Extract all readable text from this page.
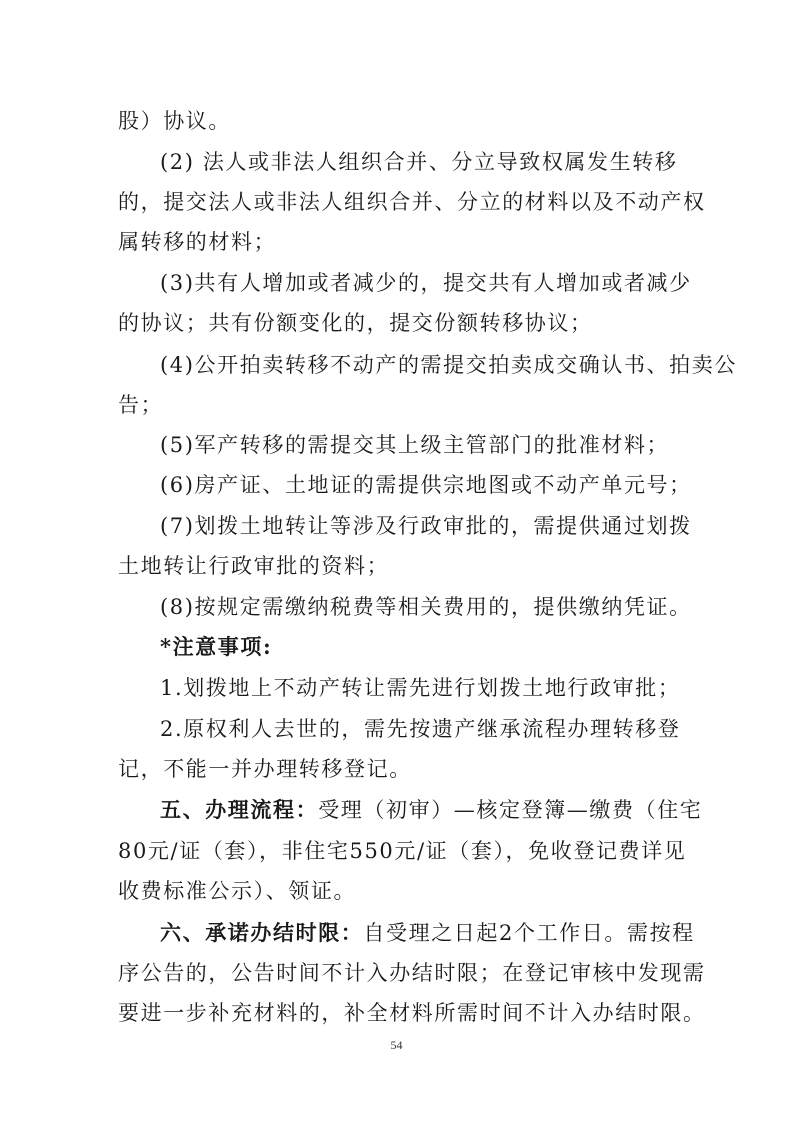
股）协议。
(2) 法人或非法人组织合并、分立导致权属发生转移
的，提交法人或非法人组织合并、分立的材料以及不动产权
属转移的材料；
(3)共有人增加或者减少的，提交共有人增加或者减少
的协议；共有份额变化的，提交份额转移协议；
(4)公开拍卖转移不动产的需提交拍卖成交确认书、拍卖公
告；
(5)军产转移的需提交其上级主管部门的批准材料；
(6)房产证、土地证的需提供宗地图或不动产单元号；
(7)划拨土地转让等涉及行政审批的，需提供通过划拨
土地转让行政审批的资料；
(8)按规定需缴纳税费等相关费用的，提供缴纳凭证。
*注意事项:
1.划拨地上不动产转让需先进行划拨土地行政审批；
2.原权利人去世的，需先按遗产继承流程办理转移登
记，不能一并办理转移登记。
五、办理流程：受理（初审）—核定登簿—缴费（住宅
80元/证（套），非住宅550元/证（套），免收登记费详见
收费标准公示）、领证。
六、承诺办结时限：自受理之日起2个工作日。需按程
序公告的，公告时间不计入办结时限；在登记审核中发现需
要进一步补充材料的，补全材料所需时间不计入办结时限。
54
